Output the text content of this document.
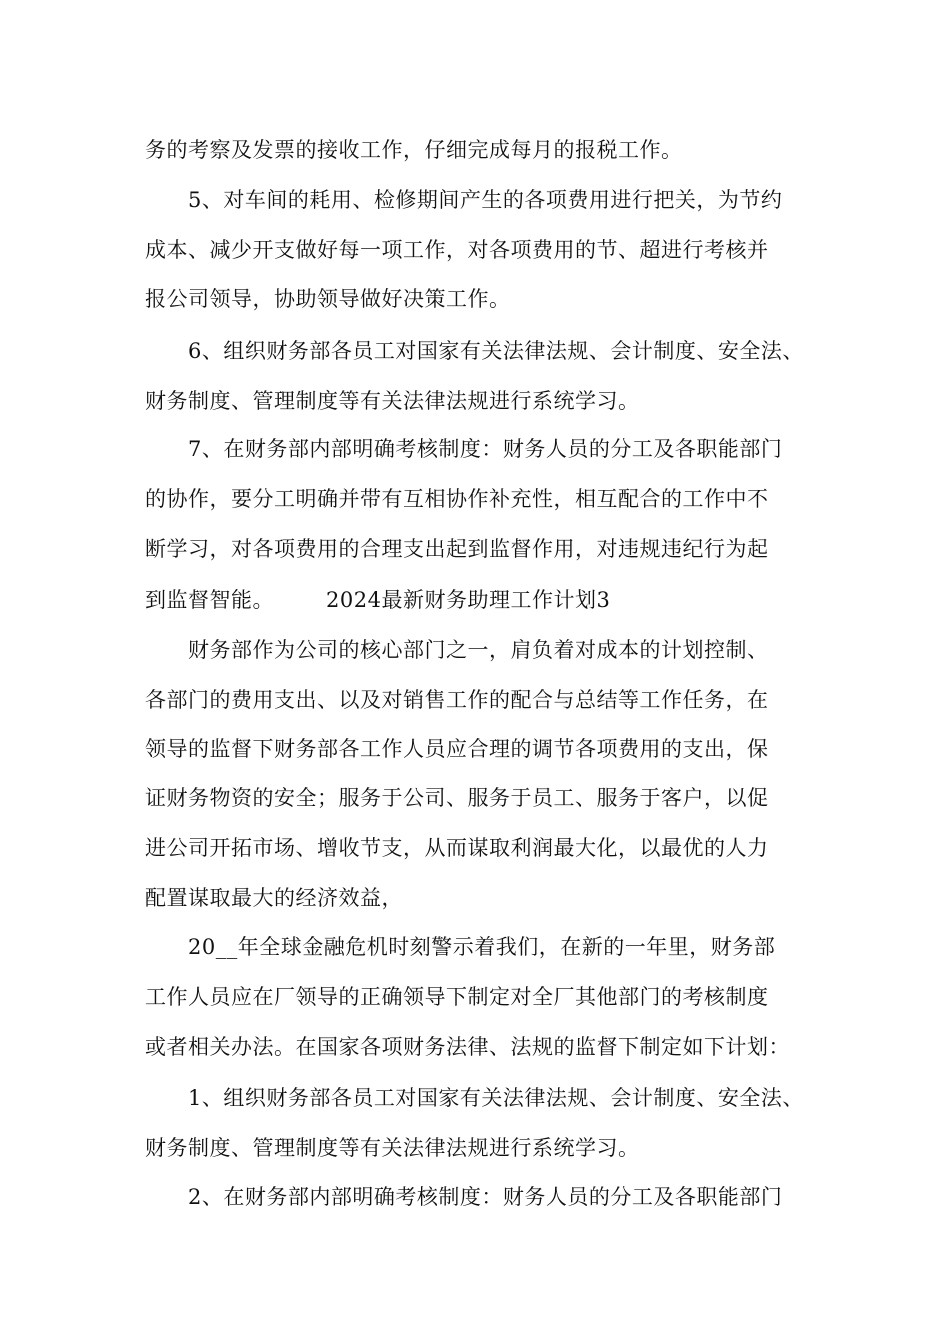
务的考察及发票的接收工作，仔细完成每月的报税工作。

5、对车间的耗用、检修期间产生的各项费用进行把关，为节约

成本、减少开支做好每一项工作，对各项费用的节、超进行考核并

报公司领导，协助领导做好决策工作。

6、组织财务部各员工对国家有关法律法规、会计制度、安全法、

财务制度、管理制度等有关法律法规进行系统学习。

7、在财务部内部明确考核制度：财务人员的分工及各职能部门

的协作，要分工明确并带有互相协作补充性，相互配合的工作中不

断学习，对各项费用的合理支出起到监督作用，对违规违纪行为起

到监督智能。 2024最新财务助理工作计划3

财务部作为公司的核心部门之一，肩负着对成本的计划控制、

各部门的费用支出、以及对销售工作的配合与总结等工作任务，在

领导的监督下财务部各工作人员应合理的调节各项费用的支出，保

证财务物资的安全；服务于公司、服务于员工、服务于客户，以促

进公司开拓市场、增收节支，从而谋取利润最大化，以最优的人力

配置谋取最大的经济效益，

20__年全球金融危机时刻警示着我们，在新的一年里，财务部

工作人员应在厂领导的正确领导下制定对全厂其他部门的考核制度

或者相关办法。在国家各项财务法律、法规的监督下制定如下计划：

1、组织财务部各员工对国家有关法律法规、会计制度、安全法、

财务制度、管理制度等有关法律法规进行系统学习。

2、在财务部内部明确考核制度：财务人员的分工及各职能部门
